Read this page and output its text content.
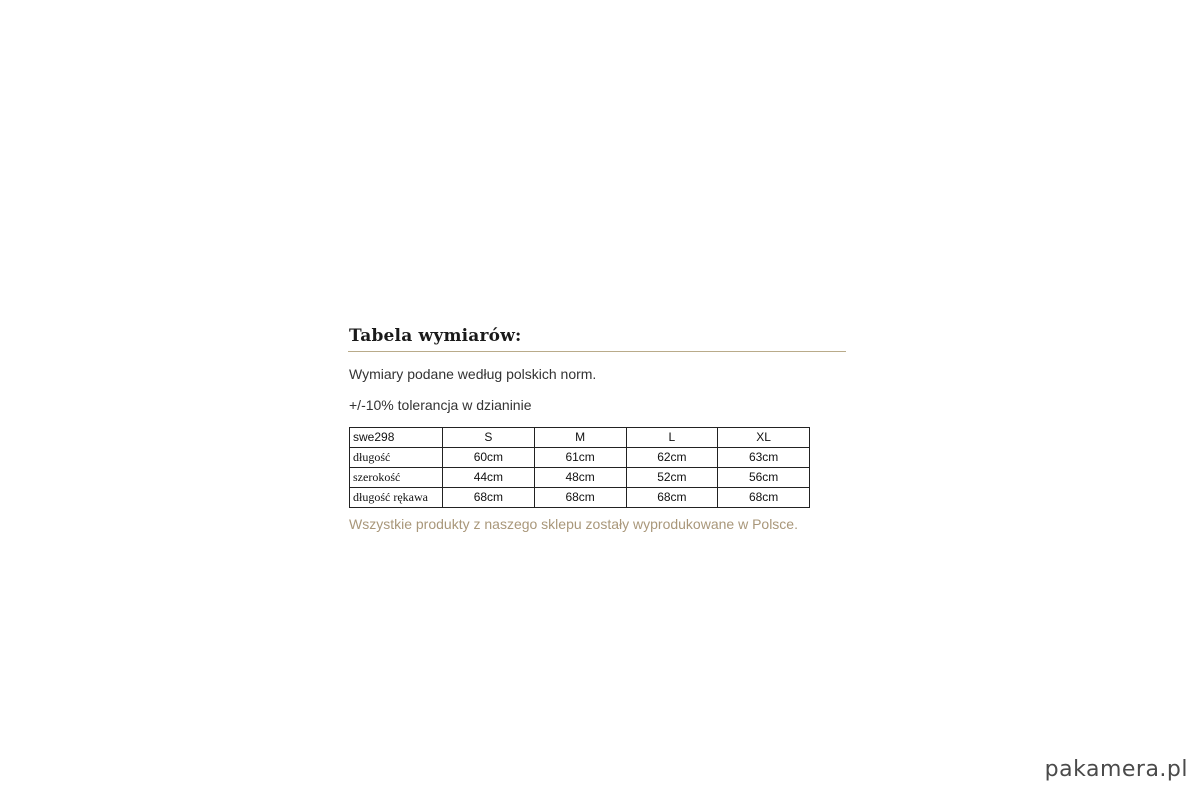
Tabela wymiarów:

Wymiary podane według polskich norm.

+/-10% tolerancja w dzianinie

swe298	S	M	L	XL
długość	60cm	61cm	62cm	63cm
szerokość	44cm	48cm	52cm	56cm
długość rękawa	68cm	68cm	68cm	68cm

Wszystkie produkty z naszego sklepu zostały wyprodukowane w Polsce.

pakamera.pl
